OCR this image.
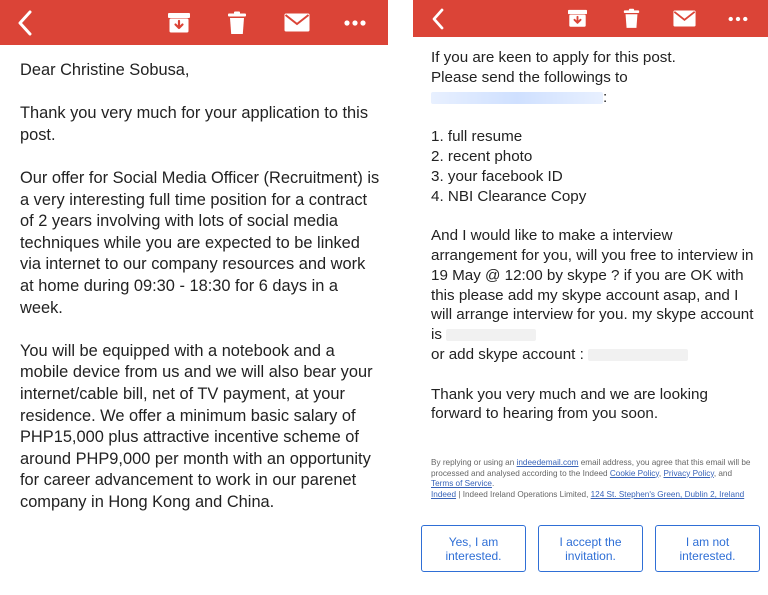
Dear Christine Sobusa,

Thank you very much for your application to this post.

Our offer for Social Media Officer (Recruitment) is a very interesting full time position for a contract of 2 years involving with lots of social media techniques while you are expected to be linked via internet to our company resources and work at home during 09:30 - 18:30 for 6 days in a week.

You will be equipped with a notebook and a mobile device from us and we will also bear your internet/cable bill, net of TV payment, at your residence. We offer a minimum basic salary of PHP15,000 plus attractive incentive scheme of around PHP9,000 per month with an opportunity for career advancement to work in our parenet company in Hong Kong and China.

If you are keen to apply for this post.
Please send the followings to
:

1. full resume
2. recent photo
3. your facebook ID
4. NBI Clearance Copy

And I would like to make a interview arrangement for you, will you free to interview in 19 May @ 12:00 by skype ? if you are OK with this please add my skype account asap, and I will arrange interview for you. my skype account is
or add skype account :

Thank you very much and we are looking forward to hearing from you soon.

By replying or using an indeedemail.com email address, you agree that this email will be processed and analysed according to the Indeed Cookie Policy, Privacy Policy, and Terms of Service.
Indeed | Indeed Ireland Operations Limited, 124 St. Stephen's Green, Dublin 2, Ireland
Yes, I am interested.
I accept the invitation.
I am not interested.
